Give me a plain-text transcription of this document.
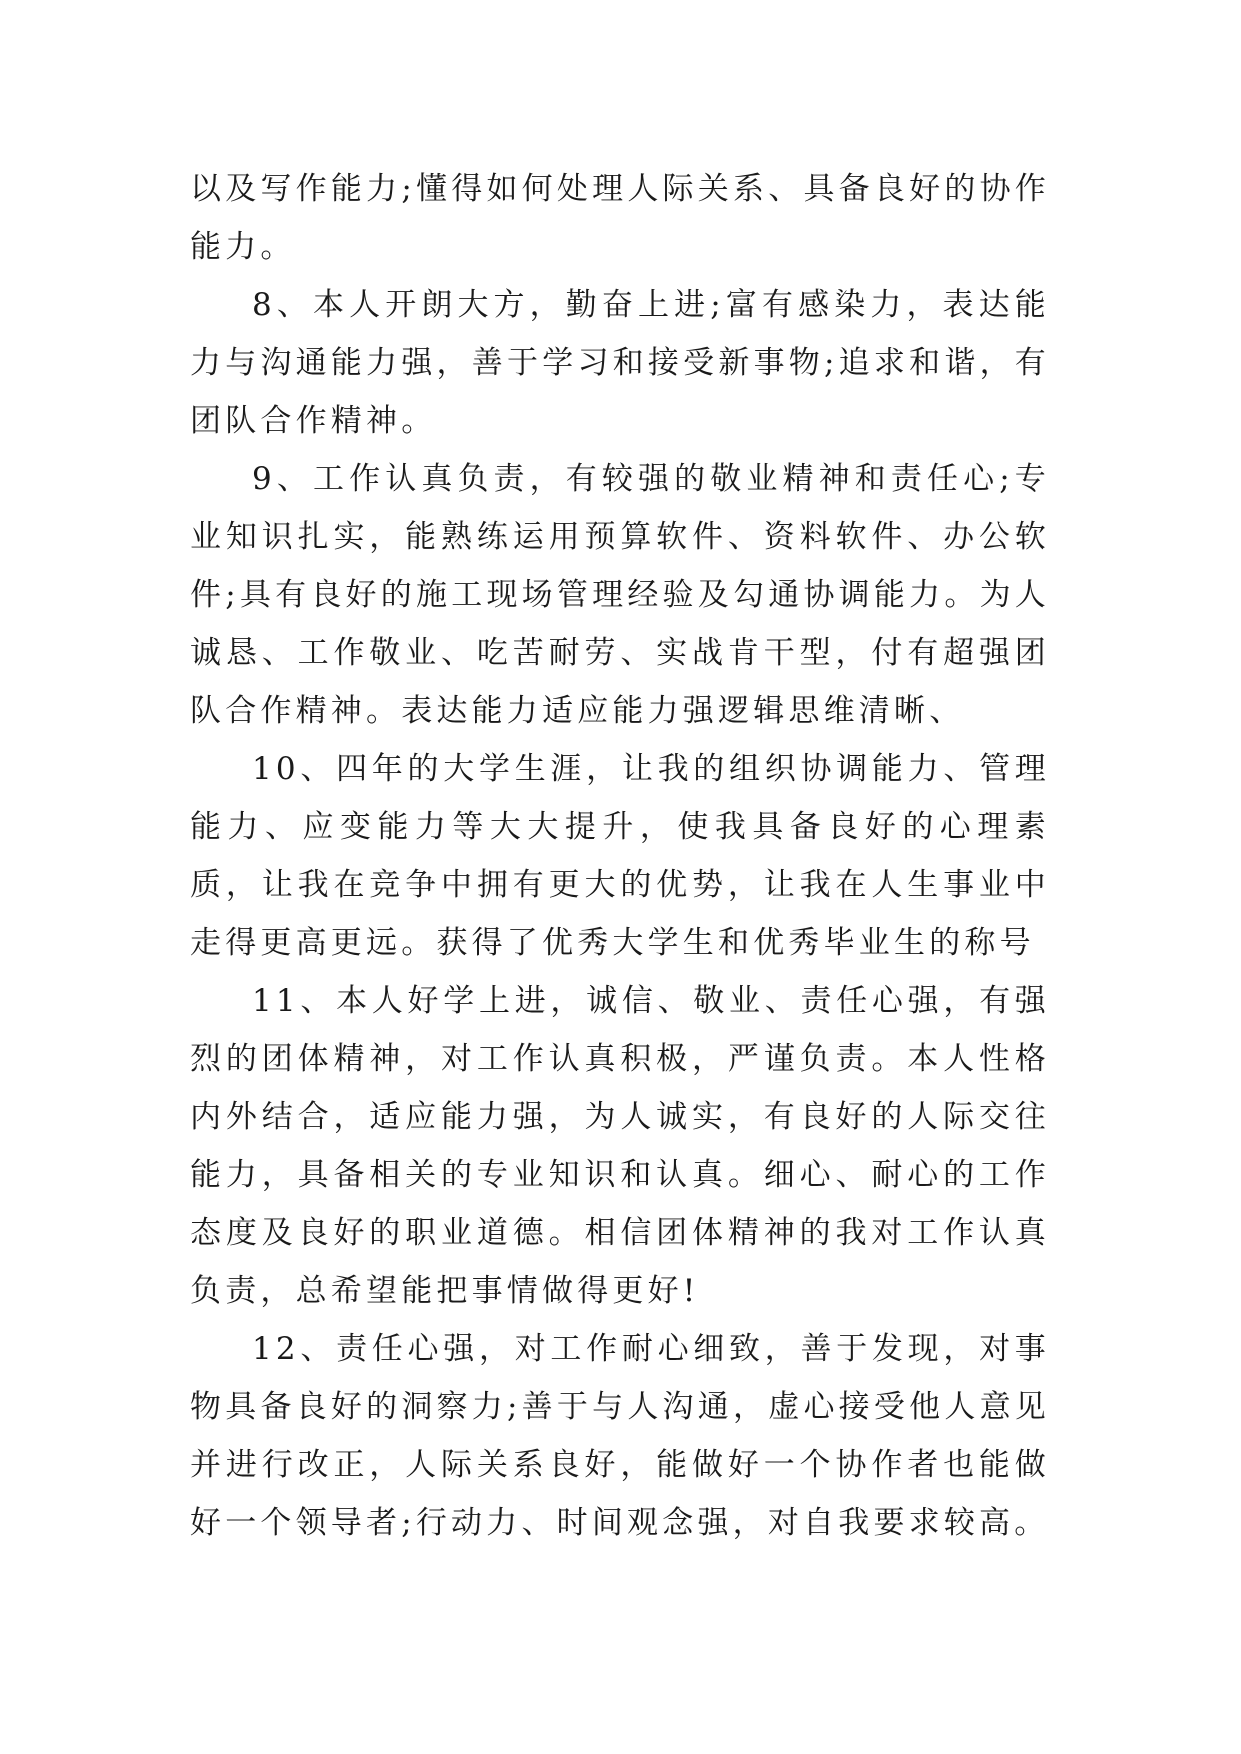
以及写作能力;懂得如何处理人际关系、具备良好的协作能力。

8、本人开朗大方，勤奋上进;富有感染力，表达能力与沟通能力强，善于学习和接受新事物;追求和谐，有团队合作精神。

9、工作认真负责，有较强的敬业精神和责任心;专业知识扎实，能熟练运用预算软件、资料软件、办公软件;具有良好的施工现场管理经验及勾通协调能力。为人诚恳、工作敬业、吃苦耐劳、实战肯干型，付有超强团队合作精神。表达能力适应能力强逻辑思维清晰、

10、四年的大学生涯，让我的组织协调能力、管理能力、应变能力等大大提升，使我具备良好的心理素质，让我在竞争中拥有更大的优势，让我在人生事业中走得更高更远。获得了优秀大学生和优秀毕业生的称号

11、本人好学上进，诚信、敬业、责任心强，有强烈的团体精神，对工作认真积极，严谨负责。本人性格内外结合，适应能力强，为人诚实，有良好的人际交往能力，具备相关的专业知识和认真。细心、耐心的工作态度及良好的职业道德。相信团体精神的我对工作认真负责，总希望能把事情做得更好!

12、责任心强，对工作耐心细致，善于发现，对事物具备良好的洞察力;善于与人沟通，虚心接受他人意见并进行改正，人际关系良好，能做好一个协作者也能做好一个领导者;行动力、时间观念强，对自我要求较高。
